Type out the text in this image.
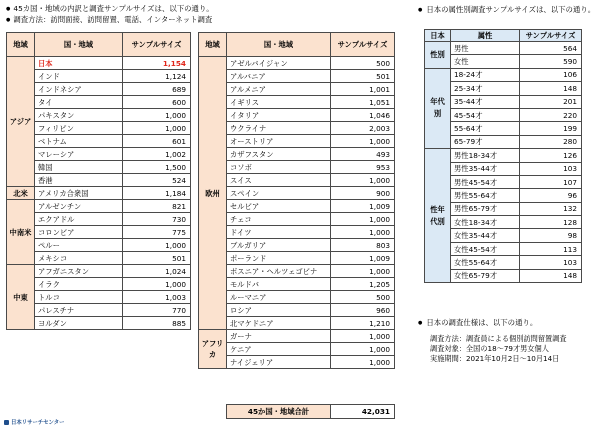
● 45カ国・地域の内訳と調査サンプルサイズは、以下の通り。
● 調査方法：訪問面接、訪問留置、電話、インターネット調査
地域	国・地域	サンプルサイズ
アジア	日本	1,154
	インド	1,124
	インドネシア	689
	タイ	600
	パキスタン	1,000
	フィリピン	1,000
	ベトナム	601
	マレーシア	1,002
	韓国	1,500
	香港	524
北米	アメリカ合衆国	1,184
中南米	アルゼンチン	821
	エクアドル	730
	コロンビア	775
	ペルー	1,000
	メキシコ	501
中東	アフガニスタン	1,024
	イラク	1,000
	トルコ	1,003
	パレスチナ	770
	ヨルダン	885
地域	国・地域	サンプルサイズ
欧州	アゼルバイジャン	500
	アルバニア	501
	アルメニア	1,001
	イギリス	1,051
	イタリア	1,046
	ウクライナ	2,003
	オーストリア	1,000
	カザフスタン	493
	コソボ	953
	スイス	1,000
	スペイン	900
	セルビア	1,009
	チェコ	1,000
	ドイツ	1,000
	ブルガリア	803
	ポーランド	1,009
	ボスニア・ヘルツェゴビナ	1,000
	モルドバ	1,205
	ルーマニア	500
	ロシア	960
	北マケドニア	1,210
アフリカ	ガーナ	1,000
	ケニア	1,000
	ナイジェリア	1,000
45か国・地域合計	42,031
● 日本の属性別調査サンプルサイズは、以下の通り。
日本	属性	サンプルサイズ
性別	男性	564
	女性	590
年代別	18-24才	106
	25-34才	148
	35-44才	201
	45-54才	220
	55-64才	199
	65-79才	280
性年代別	男性18-34才	126
	男性35-44才	103
	男性45-54才	107
	男性55-64才	96
	男性65-79才	132
	女性18-34才	128
	女性35-44才	98
	女性45-54才	113
	女性55-64才	103
	女性65-79才	148
● 日本の調査仕様は、以下の通り。
調査方法：調査員による個別訪問留置調査
調査対象：全国の18～79才男女個人
実施期間：2021年10月2日～10月14日
日本リサーチセンター
